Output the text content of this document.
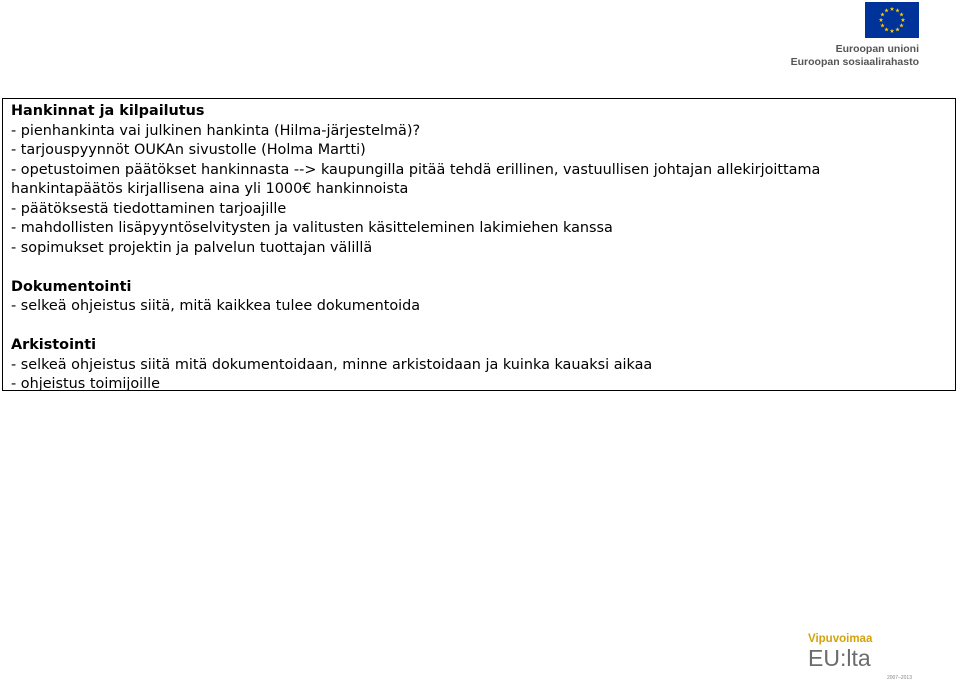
Euroopan unioni
Euroopan sosiaalirahasto
Hankinnat ja kilpailutus
- pienhankinta vai julkinen hankinta (Hilma-järjestelmä)?
- tarjouspyynnöt OUKAn sivustolle (Holma Martti)
- opetustoimen päätökset hankinnasta --> kaupungilla pitää tehdä erillinen, vastuullisen johtajan allekirjoittama
hankintapäätös kirjallisena aina yli 1000€ hankinnoista
- päätöksestä tiedottaminen tarjoajille
- mahdollisten lisäpyyntöselvitysten ja valitusten käsitteleminen lakimiehen kanssa
- sopimukset projektin ja palvelun tuottajan välillä
Dokumentointi
- selkeä ohjeistus siitä, mitä kaikkea tulee dokumentoida
Arkistointi
- selkeä ohjeistus siitä mitä dokumentoidaan, minne arkistoidaan ja kuinka kauaksi aikaa
- ohjeistus toimijoille
Vipuvoimaa
EU:lta
2007–2013
